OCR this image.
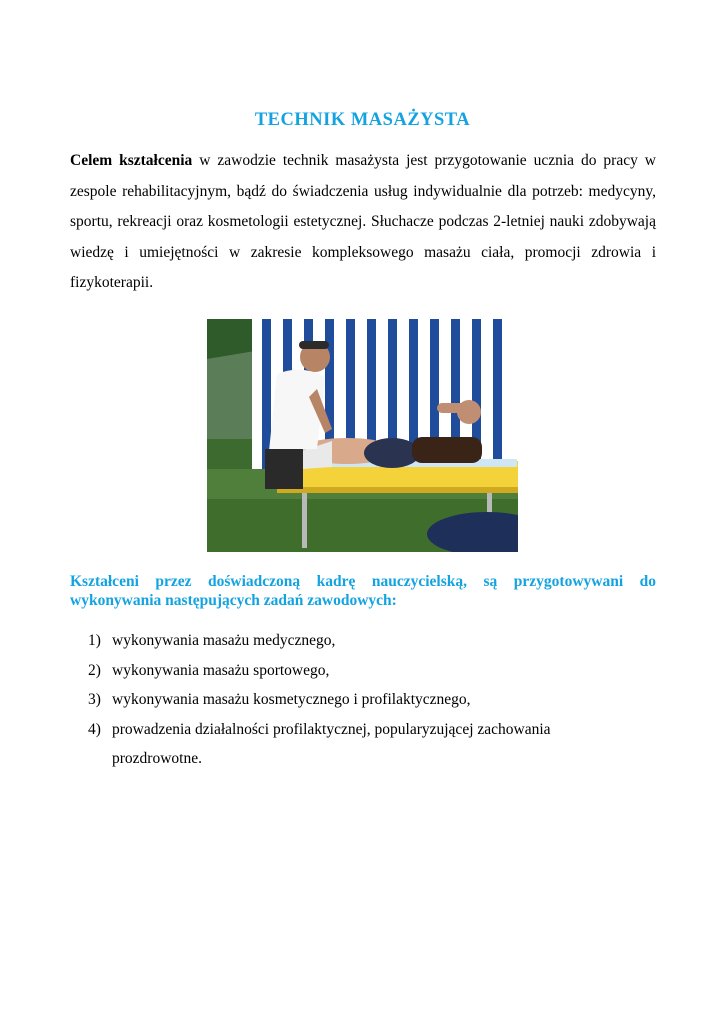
TECHNIK MASAŻYSTA
Celem kształcenia w zawodzie technik masażysta jest przygotowanie ucznia do pracy w zespole rehabilitacyjnym, bądź do świadczenia usług indywidualnie dla potrzeb: medycyny, sportu, rekreacji oraz kosmetologii estetycznej. Słuchacze podczas 2-letniej nauki zdobywają wiedzę i umiejętności w zakresie kompleksowego masażu ciała, promocji zdrowia i fizykoterapii.
Kształceni przez doświadczoną kadrę nauczycielską, są przygotowywani do wykonywania następujących zadań zawodowych:
1) wykonywania masażu medycznego,
2) wykonywania masażu sportowego,
3) wykonywania masażu kosmetycznego i profilaktycznego,
4) prowadzenia działalności profilaktycznej, popularyzującej zachowania prozdrowotne.
